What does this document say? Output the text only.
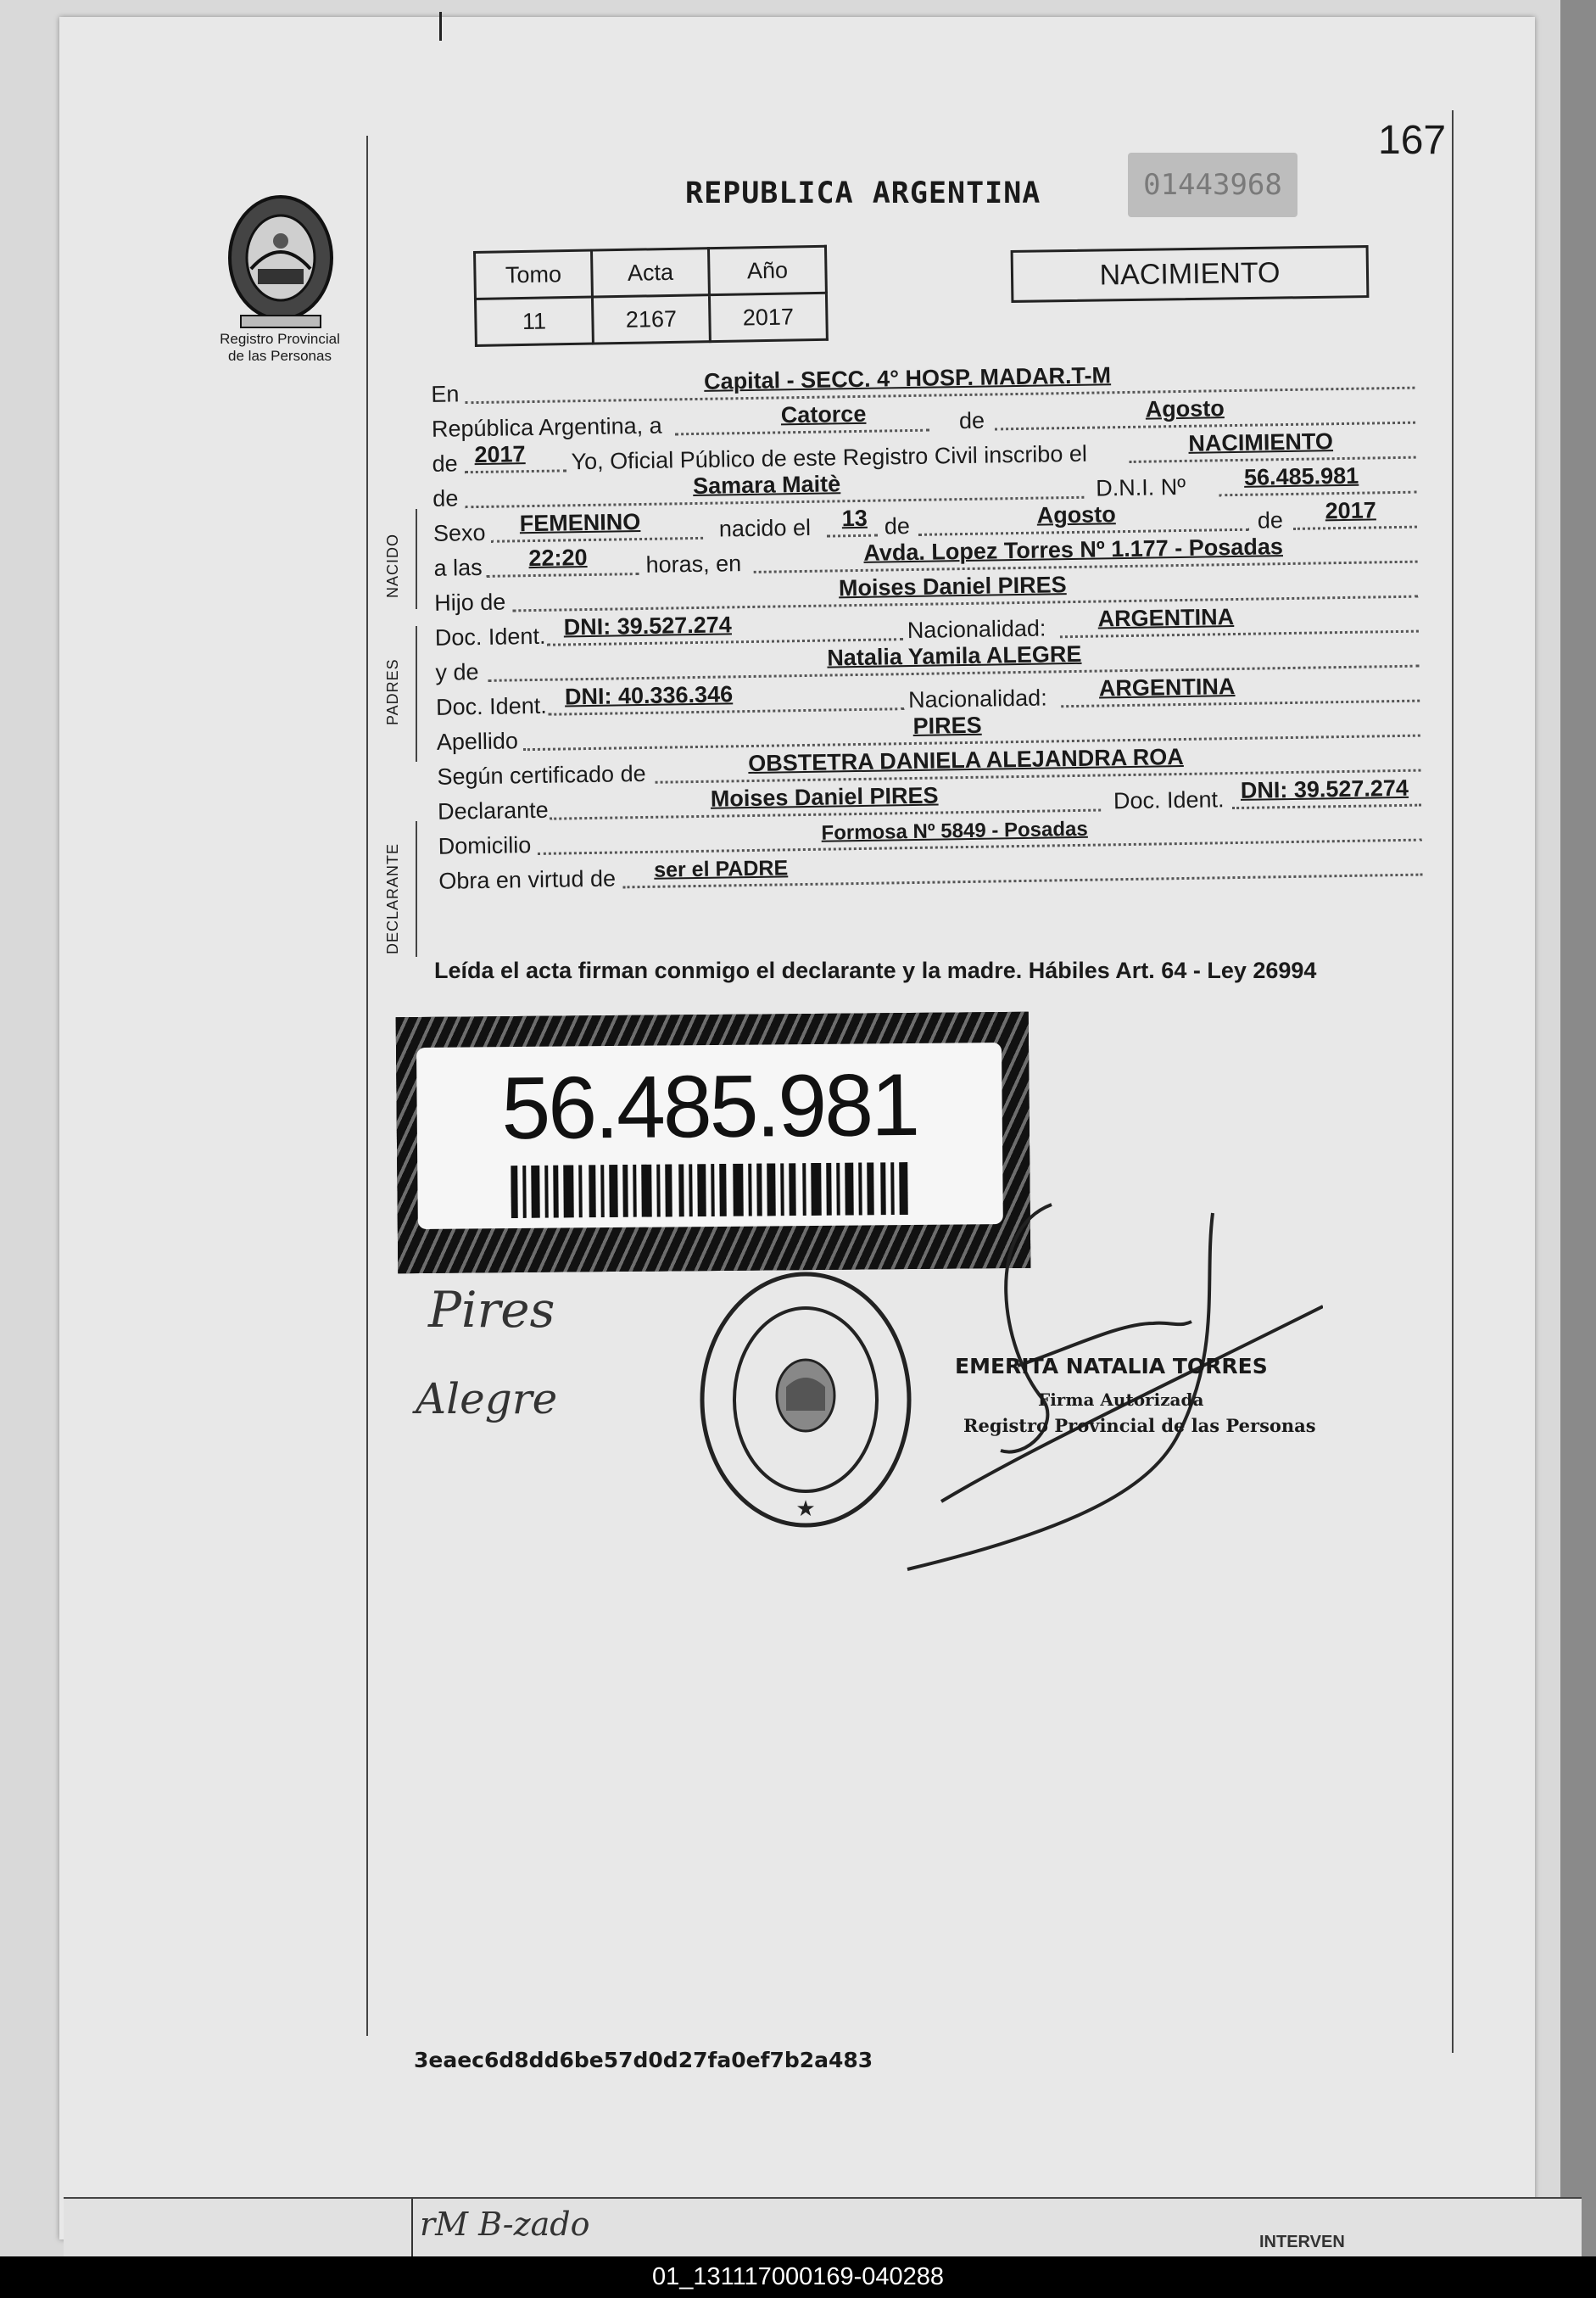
167
Registro Provincial
de las Personas
REPUBLICA ARGENTINA	01443968
Tomo	Acta	Año
11	2167	2017
NACIMIENTO
NACIDO
PADRES
DECLARANTE
En	Capital - SECC. 4° HOSP. MADAR.T-M
República Argentina, a	Catorce	de	Agosto
de 2017 Yo, Oficial Público de este Registro Civil inscribo el	NACIMIENTO
de	Samara Maitè	D.N.I. Nº	56.485.981
Sexo FEMENINO	nacido el 13 de	Agosto	de 2017
a las 22:20	horas, en	Avda. Lopez Torres Nº 1.177 - Posadas
Hijo de
Moises Daniel PIRES
Doc. Ident. DNI: 39.527.274	Nacionalidad: ARGENTINA
y de
Natalia Yamila ALEGRE
Doc. Ident. DNI: 40.336.346	Nacionalidad: ARGENTINA
Apellido
PIRES
Según certificado de	OBSTETRA DANIELA ALEJANDRA ROA
Declarante	Moises Daniel PIRES	Doc. Ident. DNI: 39.527.274
Domicilio
Formosa Nº 5849 - Posadas
Obra en virtud de ser el PADRE
Leída el acta firman conmigo el declarante y la madre. Hábiles Art. 64 - Ley 26994
56.485.981
Pires
Alegre
★
EMERITA NATALIA TORRES
Firma Autorizada
Registro Provincial de las Personas
3eaec6d8dd6be57d0d27fa0ef7b2a483
rM B-zado	INTERVEN
01_131117000169-040288
